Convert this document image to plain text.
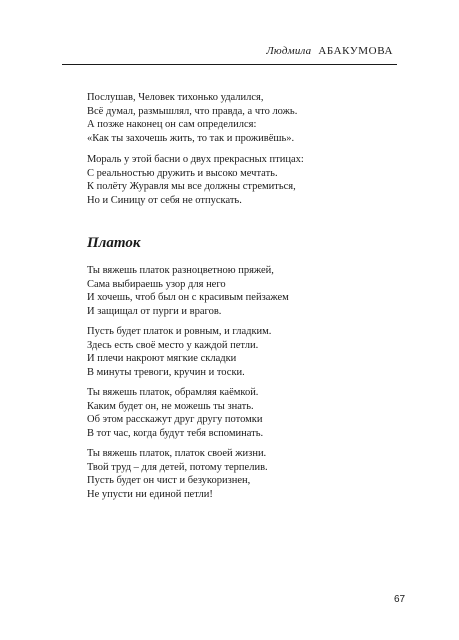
Людмила АБАКУМОВА
Послушав, Человек тихонько удалился,
Всё думал, размышлял, что правда, а что ложь.
А позже наконец он сам определился:
«Как ты захочешь жить, то так и проживёшь».
Мораль у этой басни о двух прекрасных птицах:
С реальностью дружить и высоко мечтать.
К полёту Журавля мы все должны стремиться,
Но и Синицу от себя не отпускать.
Платок
Ты вяжешь платок разноцветною пряжей,
Сама выбираешь узор для него
И хочешь, чтоб был он с красивым пейзажем
И защищал от пурги и врагов.
Пусть будет платок и ровным, и гладким.
Здесь есть своё место у каждой петли.
И плечи накроют мягкие складки
В минуты тревоги, кручин и тоски.
Ты вяжешь платок, обрамляя каёмкой.
Каким будет он, не можешь ты знать.
Об этом расскажут друг другу потомки
В тот час, когда будут тебя вспоминать.
Ты вяжешь платок, платок своей жизни.
Твой труд – для детей, потому терпелив.
Пусть будет он чист и безукоризнен,
Не упусти ни единой петли!
67
